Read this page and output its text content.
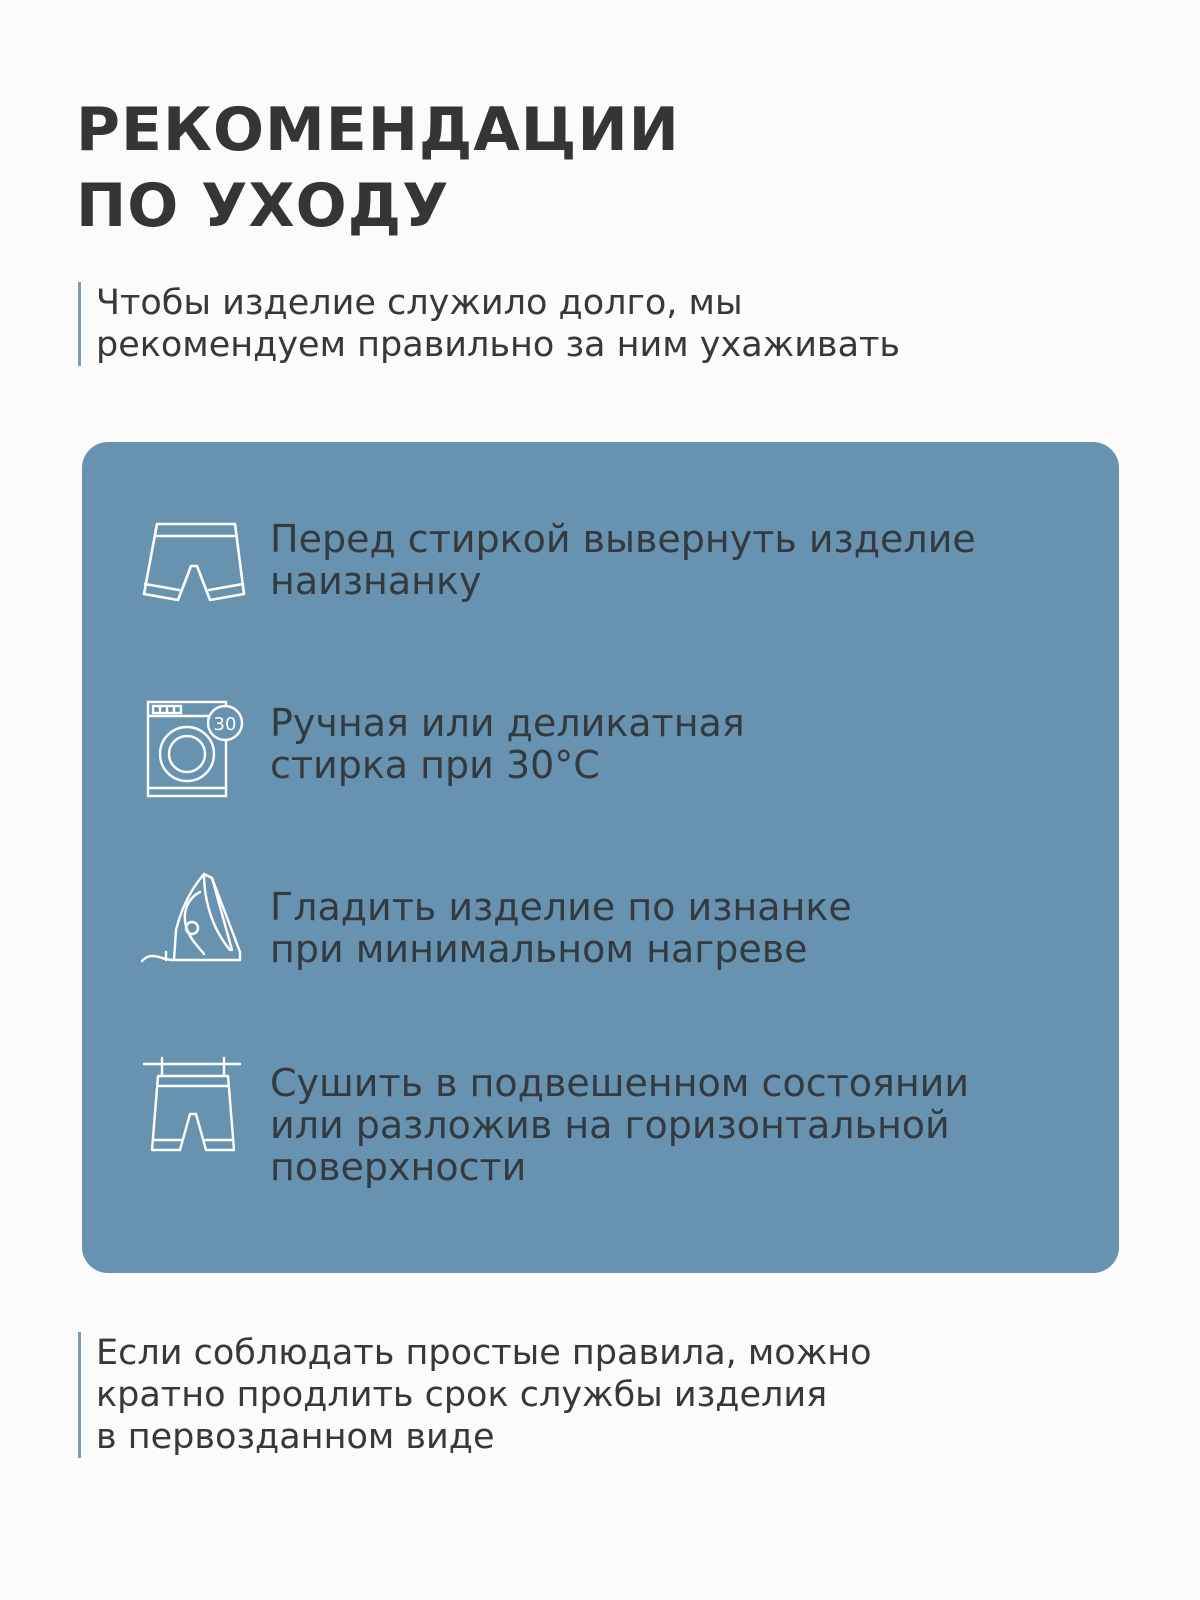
РЕКОМЕНДАЦИИ
ПО УХОДУ
Чтобы изделие служило долго, мы
рекомендуем правильно за ним ухаживать
Перед стиркой вывернуть изделие
наизнанку
30 Ручная или деликатная
стирка при 30°C
Гладить изделие по изнанке
при минимальном нагреве
Сушить в подвешенном состоянии
или разложив на горизонтальной
поверхности
Если соблюдать простые правила, можно
кратно продлить срок службы изделия
в первозданном виде
